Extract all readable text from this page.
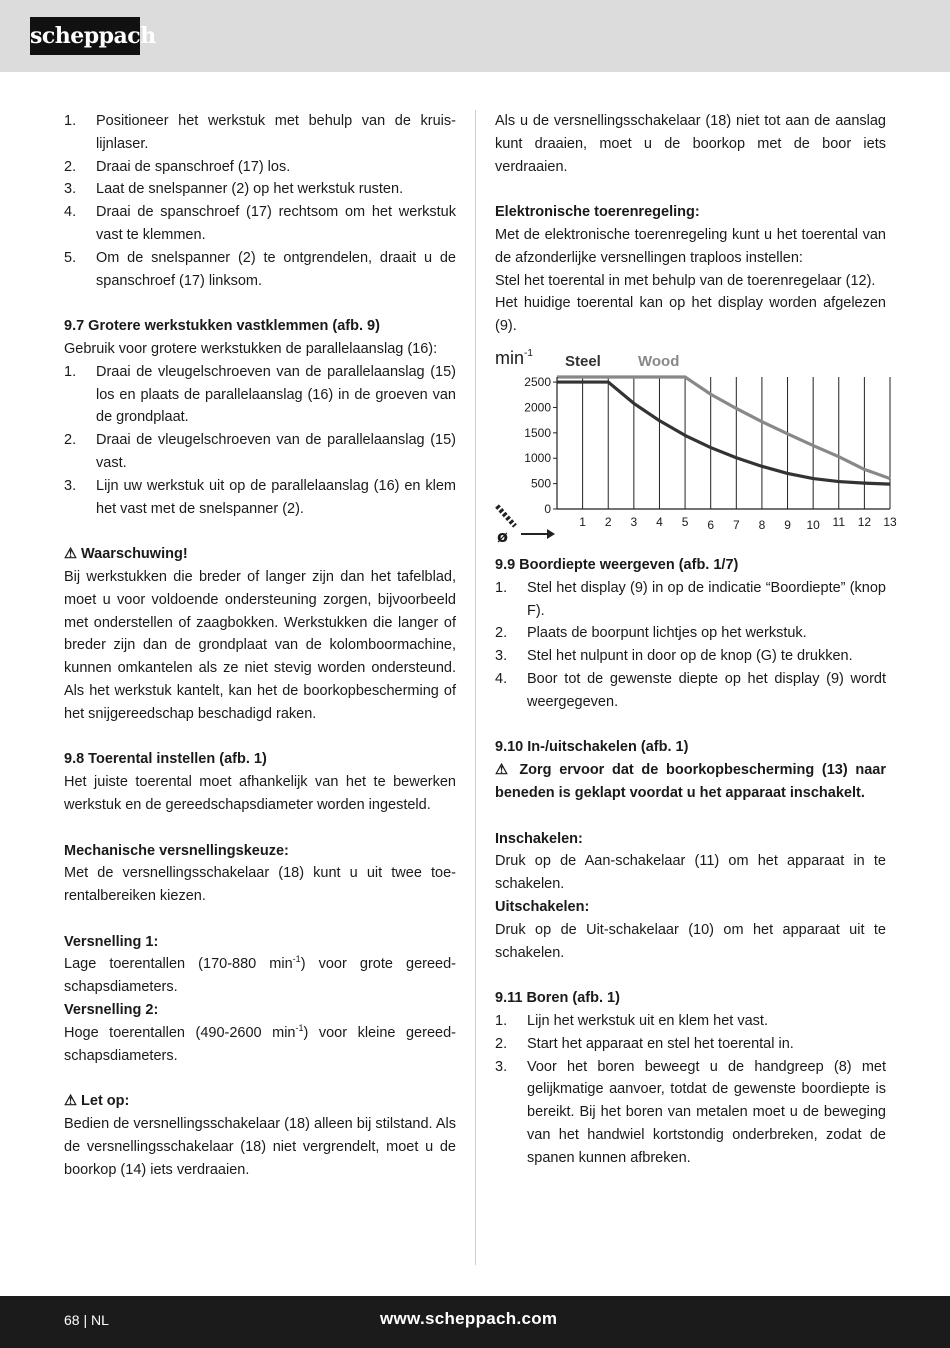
scheppach
1. Positioneer het werkstuk met behulp van de kruislijnlaser.
2. Draai de spanschroef (17) los.
3. Laat de snelspanner (2) op het werkstuk rusten.
4. Draai de spanschroef (17) rechtsom om het werkstuk vast te klemmen.
5. Om de snelspanner (2) te ontgrendelen, draait u de spanschroef (17) linksom.

9.7 Grotere werkstukken vastklemmen (afb. 9)

Gebruik voor grotere werkstukken de parallelaanslag (16):

1. Draai de vleugelschroeven van de parallelaanslag (15) los en plaats de parallelaanslag (16) in de groeven van de grondplaat.
2. Draai de vleugelschroeven van de parallelaanslag (15) vast.
3. Lijn uw werkstuk uit op de parallelaanslag (16) en klem het vast met de snelspanner (2).

⚠ Waarschuwing!

Bij werkstukken die breder of langer zijn dan het tafelblad, moet u voor voldoende ondersteuning zorgen, bijvoorbeeld met onderstellen of zaagbokken. Werkstukken die langer of breder zijn dan de grondplaat van de kolomboormachine, kunnen omkantelen als ze niet stevig worden ondersteund. Als het werkstuk kantelt, kan het de boorkopbescherming of het snijgereedschap beschadigd raken.

9.8 Toerental instellen (afb. 1)

Het juiste toerental moet afhankelijk van het te bewerken werkstuk en de gereedschapsdiameter worden ingesteld.

Mechanische versnellingskeuze:

Met de versnellingsschakelaar (18) kunt u uit twee toerentalbereiken kiezen.

Versnelling 1:

Lage toerentallen (170-880 $\min^{-1}$) voor grote gereedschapsdiameters.

Versnelling 2:

Hoge toerentallen (490-2600 $\min^{-1}$) voor kleine gereedschapsdiameters.

⚠ Let op:

Bedien de versnellingsschakelaar (18) alleen bij stilstand. Als de versnellingsschakelaar (18) niet vergrendelt, moet u de boorkop (14) iets verdraaien.

Als u de versnellingsschakelaar (18) niet tot aan de aanslag kunt draaien, moet u de boorkop met de boor iets verdraaien.

Elektronische toerenregeling:

Met de elektronische toerenregeling kunt u het toerental van de afzonderlijke versnellingen traploos instellen:

Stel het toerental in met behulp van de toerenregelaar (12).

Het huidige toerental kan op het display worden afgelezen (9).

$\min^{-1}$ Steel Wood
0
500
1000
1500
2000
2500
1 2 3 4 5 6 7 8 9 10 11 12 13
ø

9.9 Boordiepte weergeven (afb. 1/7)

1. Stel het display (9) in op de indicatie “Boordiepte” (knop F).
2. Plaats de boorpunt lichtjes op het werkstuk.
3. Stel het nulpunt in door op de knop (G) te drukken.
4. Boor tot de gewenste diepte op het display (9) wordt weergegeven.

9.10 In-/uitschakelen (afb. 1)

⚠ Zorg ervoor dat de boorkopbescherming (13) naar beneden is geklapt voordat u het apparaat inschakelt.

Inschakelen:

Druk op de Aan-schakelaar (11) om het apparaat in te schakelen.

Uitschakelen:

Druk op de Uit-schakelaar (10) om het apparaat uit te schakelen.

9.11 Boren (afb. 1)

1. Lijn het werkstuk uit en klem het vast.
2. Start het apparaat en stel het toerental in.
3. Voor het boren beweegt u de handgreep (8) met gelijkmatige aanvoer, totdat de gewenste boordiepte is bereikt. Bij het boren van metalen moet u de beweging van het handwiel kortstondig onderbreken, zodat de spanen kunnen afbreken.
68 | NL	www.scheppach.com
